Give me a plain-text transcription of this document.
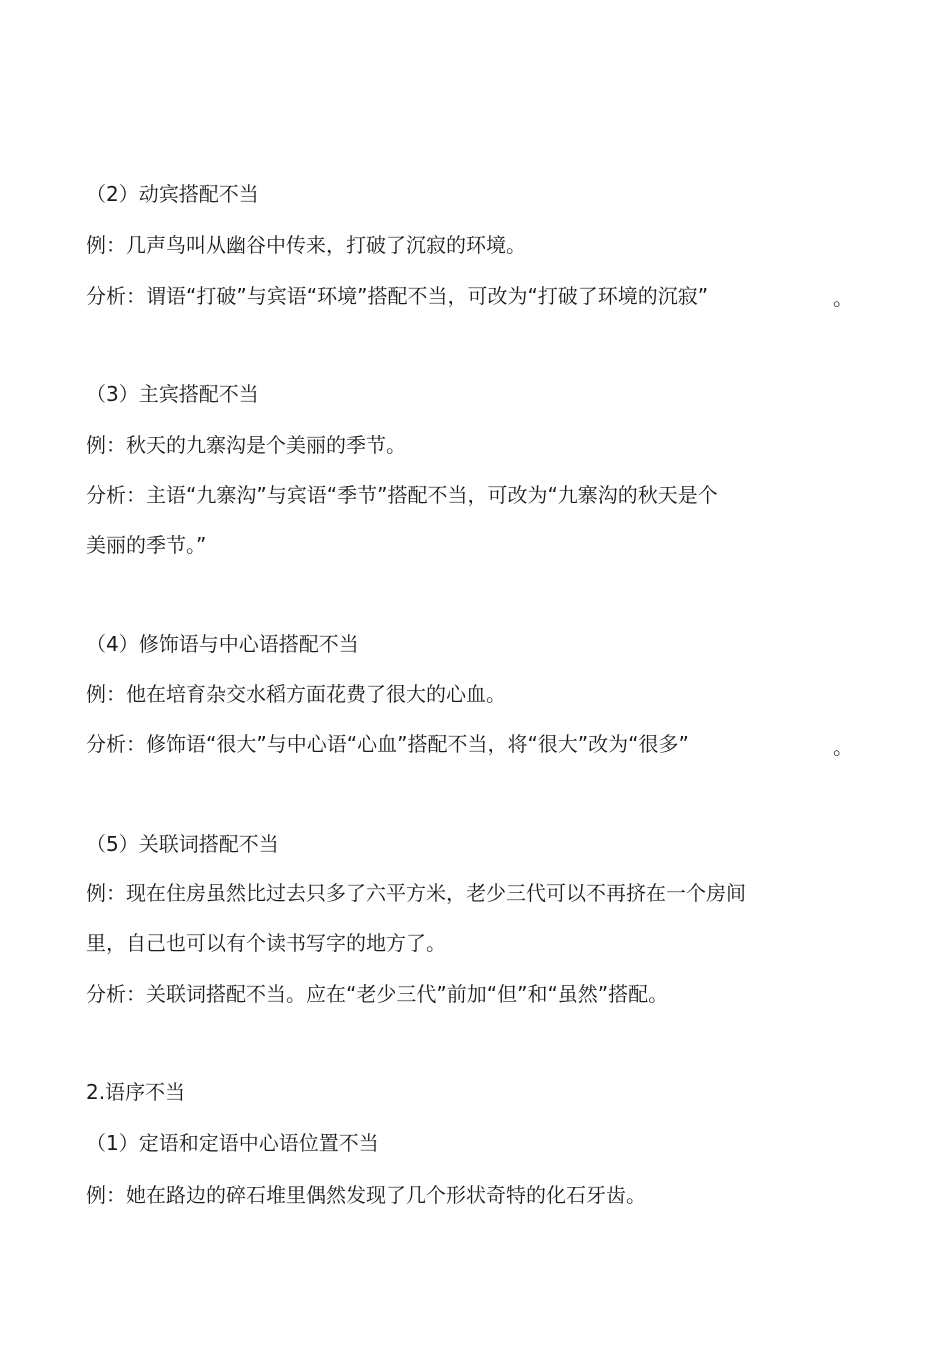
（2）动宾搭配不当
例：几声鸟叫从幽谷中传来，打破了沉寂的环境。
分析：谓语“打破”与宾语“环境”搭配不当，可改为“打破了环境的沉寂”	。
（3）主宾搭配不当
例：秋天的九寨沟是个美丽的季节。
分析：主语“九寨沟”与宾语“季节”搭配不当，可改为“九寨沟的秋天是个
美丽的季节。”
（4）修饰语与中心语搭配不当
例：他在培育杂交水稻方面花费了很大的心血。
分析：修饰语“很大”与中心语“心血”搭配不当，将“很大”改为“很多”	。
（5）关联词搭配不当
例：现在住房虽然比过去只多了六平方米，老少三代可以不再挤在一个房间
里，自己也可以有个读书写字的地方了。
分析：关联词搭配不当。应在“老少三代”前加“但”和“虽然”搭配。
2.语序不当
（1）定语和定语中心语位置不当
例：她在路边的碎石堆里偶然发现了几个形状奇特的化石牙齿。
